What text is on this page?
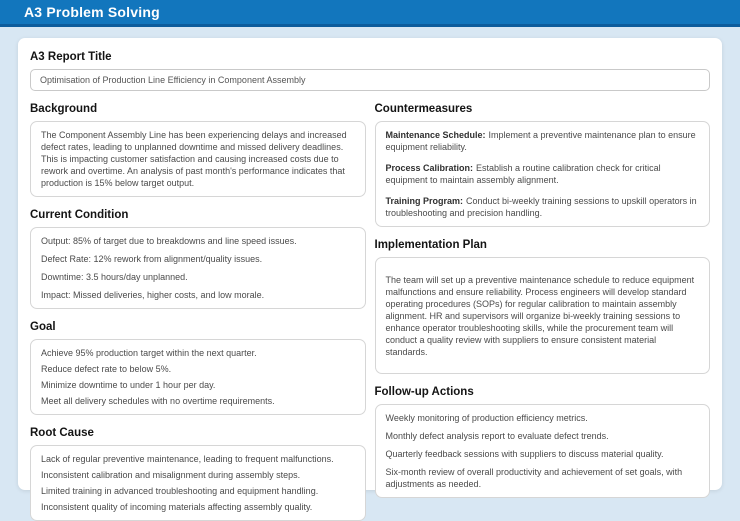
A3 Problem Solving
A3 Report Title
Optimisation of Production Line Efficiency in Component Assembly
Background

The Component Assembly Line has been experiencing delays and increased defect rates, leading to unplanned downtime and missed delivery deadlines. This is impacting customer satisfaction and causing increased costs due to rework and overtime. An analysis of past month's performance indicates that production is 15% below target output.

Current Condition

Output: 85% of target due to breakdowns and line speed issues.

Defect Rate: 12% rework from alignment/quality issues.

Downtime: 3.5 hours/day unplanned.

Impact: Missed deliveries, higher costs, and low morale.

Goal

Achieve 95% production target within the next quarter.

Reduce defect rate to below 5%.

Minimize downtime to under 1 hour per day.

Meet all delivery schedules with no overtime requirements.

Root Cause

Lack of regular preventive maintenance, leading to frequent malfunctions.

Inconsistent calibration and misalignment during assembly steps.

Limited training in advanced troubleshooting and equipment handling.

Inconsistent quality of incoming materials affecting assembly quality.

Countermeasures

Maintenance Schedule: Implement a preventive maintenance plan to ensure equipment reliability.

Process Calibration: Establish a routine calibration check for critical equipment to maintain assembly alignment.

Training Program: Conduct bi-weekly training sessions to upskill operators in troubleshooting and precision handling.

Implementation Plan

The team will set up a preventive maintenance schedule to reduce equipment malfunctions and ensure reliability. Process engineers will develop standard operating procedures (SOPs) for regular calibration to maintain assembly alignment. HR and supervisors will organize bi-weekly training sessions to enhance operator troubleshooting skills, while the procurement team will conduct a quality review with suppliers to ensure consistent material standards.

Follow-up Actions

Weekly monitoring of production efficiency metrics.

Monthly defect analysis report to evaluate defect trends.

Quarterly feedback sessions with suppliers to discuss material quality.

Six-month review of overall productivity and achievement of set goals, with adjustments as needed.
